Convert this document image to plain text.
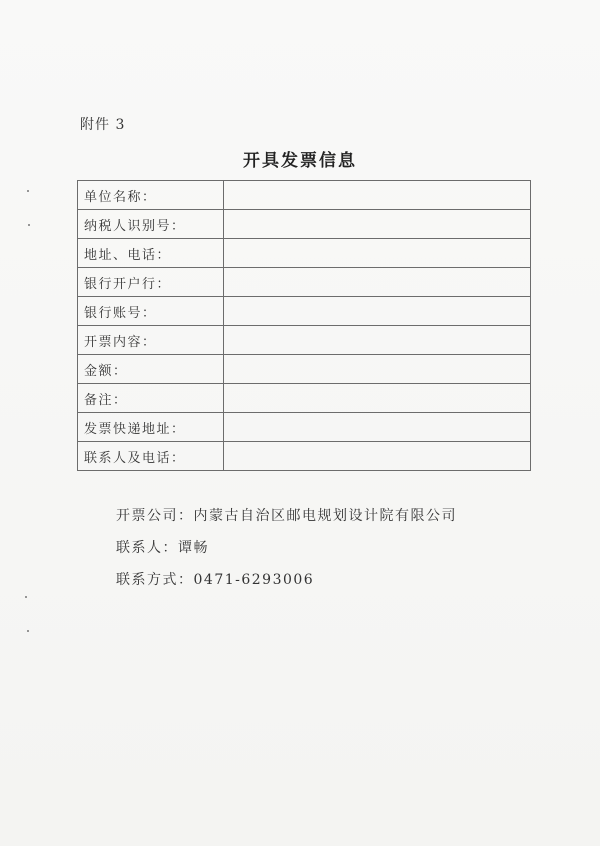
附件 3
开具发票信息
单位名称：	
纳税人识别号：	
地址、电话：	
银行开户行：	
银行账号：	
开票内容：	
金额：	
备注：	
发票快递地址：	
联系人及电话：	
开票公司：内蒙古自治区邮电规划设计院有限公司
联系人：谭畅
联系方式：0471-6293006
